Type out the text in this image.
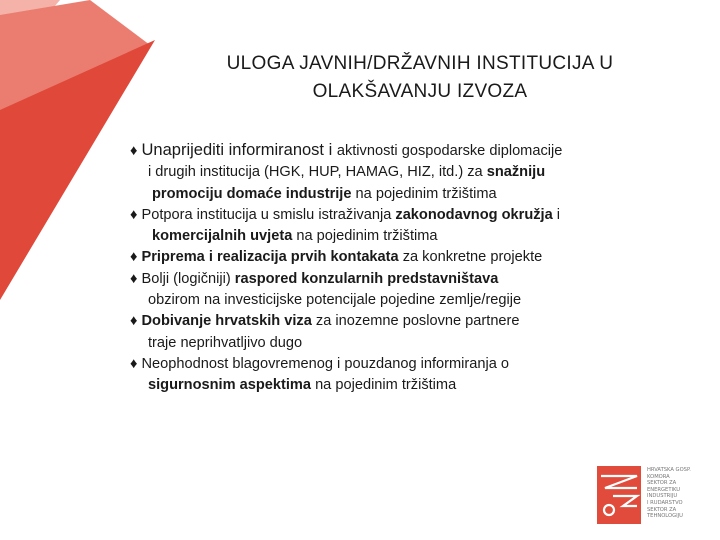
ULOGA JAVNIH/DRŽAVNIH INSTITUCIJA U
OLAKŠAVANJU IZVOZA
♦ Unaprijediti informiranost i aktivnosti gospodarske diplomacije
i drugih institucija (HGK, HUP, HAMAG, HIZ, itd.) za snažniju
promociju domaće industrije na pojedinim tržištima
♦ Potpora institucija u smislu istraživanja zakonodavnog okružja i
komercijalnih uvjeta na pojedinim tržištima
♦ Priprema i realizacija prvih kontakata za konkretne projekte
♦ Bolji (logičniji) raspored konzularnih predstavništava
obzirom na investicijske potencijale pojedine zemlje/regije
♦ Dobivanje hrvatskih viza za inozemne poslovne partnere
traje neprihvatljivo dugo
♦ Neophodnost blagovremenog i pouzdanog informiranja o
sigurnosnim aspektima na pojedinim tržištima
HRVATSKA GOSP.
KOMORA
SEKTOR ZA
ENERGETIKU
INDUSTRIJU
I RUDARSTVO
SEKTOR ZA
TEHNOLOGIJU
